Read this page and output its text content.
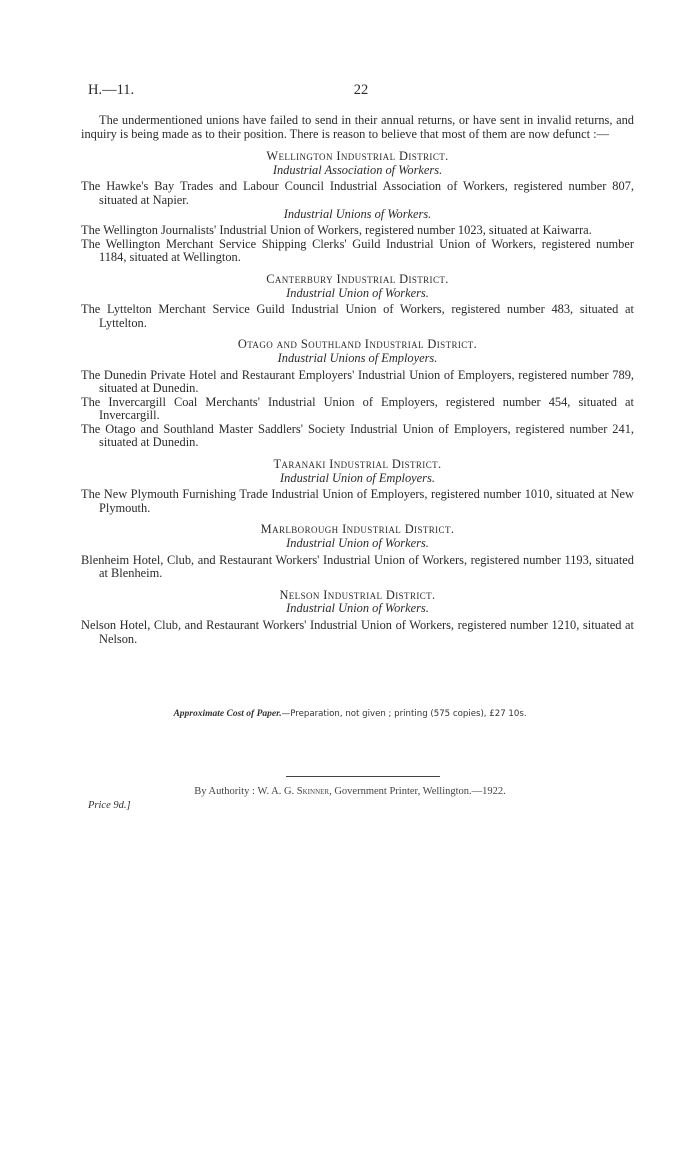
H.—11.	22

The undermentioned unions have failed to send in their annual returns, or have sent in invalid returns, and inquiry is being made as to their position. There is reason to believe that most of them are now defunct :—

Wellington Industrial District.

Industrial Association of Workers.

The Hawke's Bay Trades and Labour Council Industrial Association of Workers, registered number 807, situated at Napier.

Industrial Unions of Workers.

The Wellington Journalists' Industrial Union of Workers, registered number 1023, situated at Kaiwarra.

The Wellington Merchant Service Shipping Clerks' Guild Industrial Union of Workers, registered number 1184, situated at Wellington.

Canterbury Industrial District.

Industrial Union of Workers.

The Lyttelton Merchant Service Guild Industrial Union of Workers, registered number 483, situated at Lyttelton.

Otago and Southland Industrial District.

Industrial Unions of Employers.

The Dunedin Private Hotel and Restaurant Employers' Industrial Union of Employers, registered number 789, situated at Dunedin.

The Invercargill Coal Merchants' Industrial Union of Employers, registered number 454, situated at Invercargill.

The Otago and Southland Master Saddlers' Society Industrial Union of Employers, registered number 241, situated at Dunedin.

Taranaki Industrial District.

Industrial Union of Employers.

The New Plymouth Furnishing Trade Industrial Union of Employers, registered number 1010, situated at New Plymouth.

Marlborough Industrial District.

Industrial Union of Workers.

Blenheim Hotel, Club, and Restaurant Workers' Industrial Union of Workers, registered number 1193, situated at Blenheim.

Nelson Industrial District.

Industrial Union of Workers.

Nelson Hotel, Club, and Restaurant Workers' Industrial Union of Workers, registered number 1210, situated at Nelson.

Approximate Cost of Paper.—Preparation, not given ; printing (575 copies), £27 10s.
By Authority : W. A. G. Skinner, Government Printer, Wellington.—1922.
Price 9d.]
